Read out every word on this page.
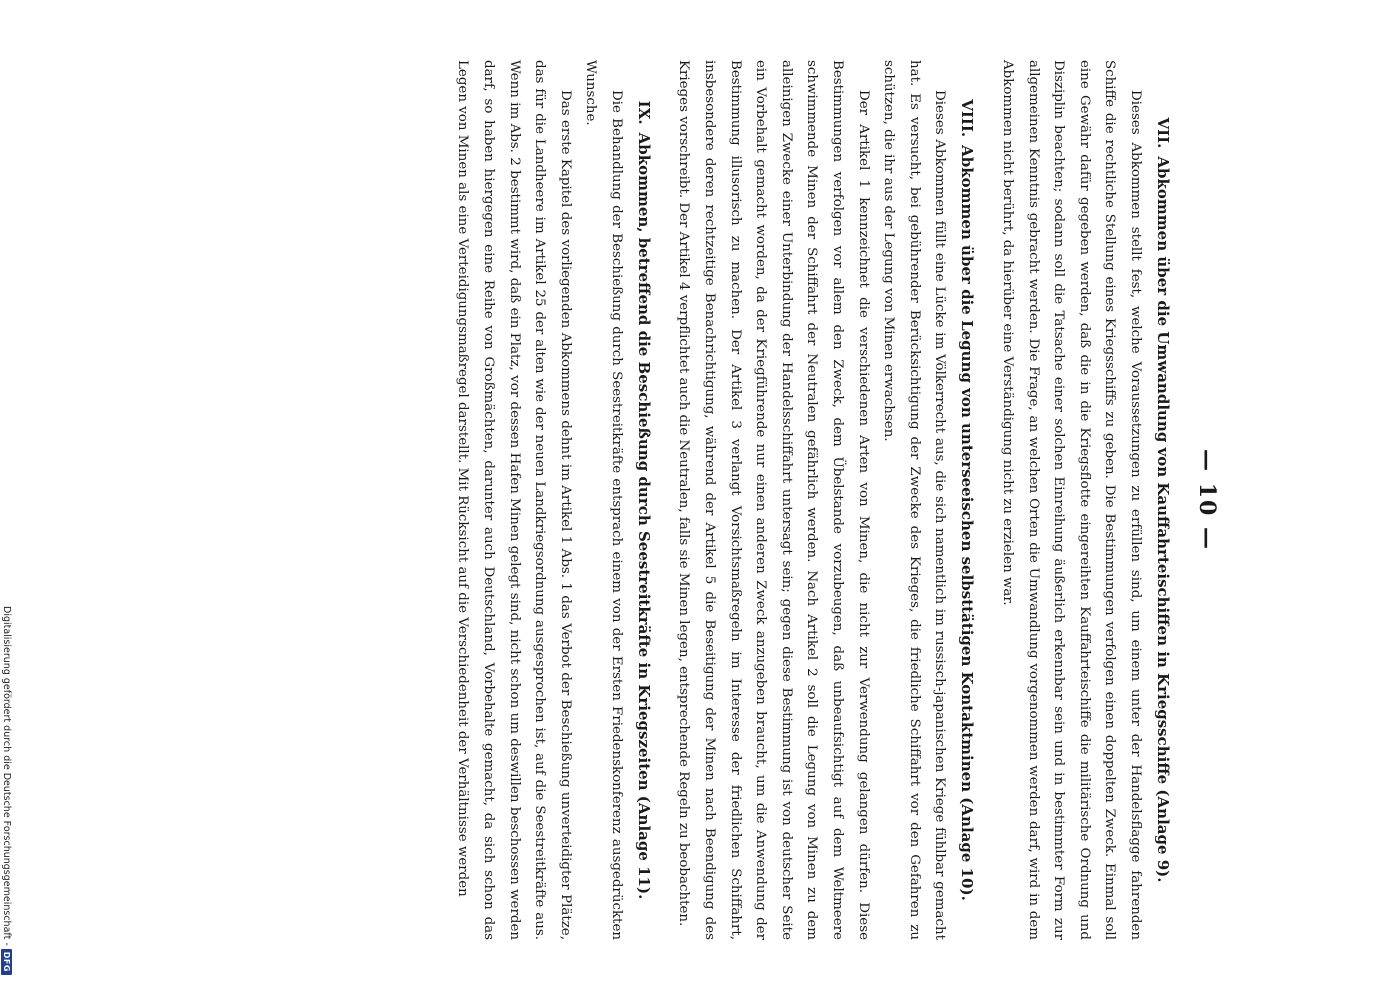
— 10 —
VII.Abkommen über die Umwandlung von Kauffahrteischiffen in Kriegsschiffe (Anlage 9).

Dieses Abkommen stellt fest, welche Voraussetzungen zu erfüllen sind, um einem unter der Handelsflagge fahrenden Schiffe die rechtliche Stellung eines Kriegsschiffs zu geben. Die Bestimmungen verfolgen einen doppelten Zweck. Einmal soll eine Gewähr dafür gegeben werden, daß die in die Kriegsflotte eingereihten Kauffahrteischiffe die militärische Ordnung und Disziplin beachten; sodann soll die Tatsache einer solchen Einreihung äußerlich erkennbar sein und in bestimmter Form zur allgemeinen Kenntnis gebracht werden. Die Frage, an welchen Orten die Umwandlung vorgenommen werden darf, wird in dem Abkommen nicht berührt, da hierüber eine Verständigung nicht zu erzielen war.

VIII.Abkommen über die Legung von unterseeischen selbsttätigen Kontaktminen (Anlage 10).

Dieses Abkommen füllt eine Lücke im Völkerrecht aus, die sich namentlich im russisch-japanischen Kriege fühlbar gemacht hat. Es versucht, bei gebührender Berücksichtigung der Zwecke des Krieges, die friedliche Schiffahrt vor den Gefahren zu schützen, die ihr aus der Legung von Minen erwachsen.

Der Artikel 1 kennzeichnet die verschiedenen Arten von Minen, die nicht zur Verwendung gelangen dürfen. Diese Bestimmungen verfolgen vor allem den Zweck, dem Übelstande vorzubeugen, daß unbeaufsichtigt auf dem Weltmeere schwimmende Minen der Schiffahrt der Neutralen gefährlich werden. Nach Artikel 2 soll die Legung von Minen zu dem alleinigen Zwecke einer Unterbindung der Handelsschiffahrt untersagt sein; gegen diese Bestimmung ist von deutscher Seite ein Vorbehalt gemacht worden, da der Kriegführende nur einen anderen Zweck anzugeben braucht, um die Anwendung der Bestimmung illusorisch zu machen. Der Artikel 3 verlangt Vorsichtsmaßregeln im Interesse der friedlichen Schiffahrt, insbesondere deren rechtzeitige Benachrichtigung, während der Artikel 5 die Beseitigung der Minen nach Beendigung des Krieges vorschreibt. Der Artikel 4 verpflichtet auch die Neutralen, falls sie Minen legen, entsprechende Regeln zu beobachten.

IX.Abkommen, betreffend die Beschießung durch Seestreitkräfte in Kriegszeiten (Anlage 11).

Die Behandlung der Beschießung durch Seestreitkräfte entsprach einem von der Ersten Friedenskonferenz ausgedrückten Wunsche.

Das erste Kapitel des vorliegenden Abkommens dehnt im Artikel 1 Abs. 1 das Verbot der Beschießung unverteidigter Plätze, das für die Landheere im Artikel 25 der alten wie der neuen Landkriegsordnung ausgesprochen ist, auf die Seestreitkräfte aus. Wenn im Abs. 2 bestimmt wird, daß ein Platz, vor dessen Hafen Minen gelegt sind, nicht schon um deswillen beschossen werden darf, so haben hiergegen eine Reihe von Großmächten, darunter auch Deutschland, Vorbehalte gemacht, da sich schon das Legen von Minen als eine Verteidigungsmaßregel darstellt. Mit Rücksicht auf die Verschiedenheit der Verhältnisse werden

Digitalisierung gefördert durch die Deutsche Forschungsgemeinschaft -
DFG
